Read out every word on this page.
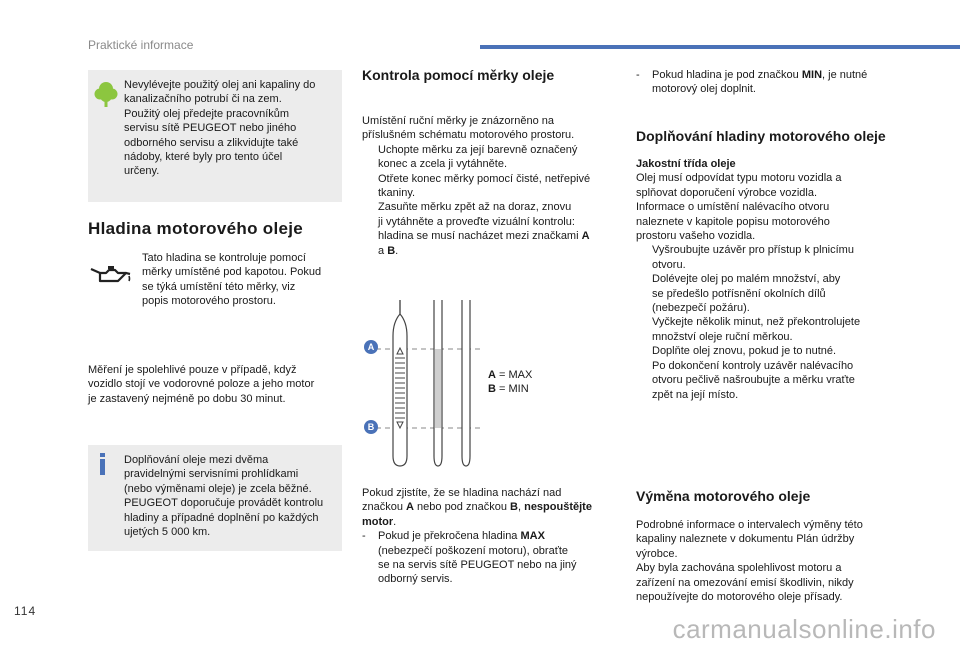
Praktické informace
Nevylévejte použitý olej ani kapaliny do
kanalizačního potrubí či na zem.
Použitý olej předejte pracovníkům
servisu sítě PEUGEOT nebo jiného
odborného servisu a zlikvidujte také
nádoby, které byly pro tento účel
určeny.
Hladina motorového oleje
Tato hladina se kontroluje pomocí
měrky umístěné pod kapotou. Pokud
se týká umístění této měrky, viz
popis motorového prostoru.
Měření je spolehlivé pouze v případě, když
vozidlo stojí ve vodorovné poloze a jeho motor
je zastavený nejméně po dobu 30 minut.
Doplňování oleje mezi dvěma
pravidelnými servisními prohlídkami
(nebo výměnami oleje) je zcela běžné.
PEUGEOT doporučuje provádět kontrolu
hladiny a případné doplnění po každých
ujetých 5 000 km.
Kontrola pomocí měrky oleje
Umístění ruční měrky je znázorněno na
příslušném schématu motorového prostoru.
Uchopte měrku za její barevně označený
konec a zcela ji vytáhněte.
Otřete konec měrky pomocí čisté, netřepivé
tkaniny.
Zasuňte měrku zpět až na doraz, znovu
ji vytáhněte a proveďte vizuální kontrolu:
hladina se musí nacházet mezi značkami A
a B.
A
B
A = MAX
B = MIN
Pokud zjistíte, že se hladina nachází nad
značkou A nebo pod značkou B, nespouštějte
motor.
- Pokud je překročena hladina MAX
(nebezpečí poškození motoru), obraťte
se na servis sítě PEUGEOT nebo na jiný
odborný servis.
- Pokud hladina je pod značkou MIN, je nutné
motorový olej doplnit.
Doplňování hladiny motorového oleje
Jakostní třída oleje
Olej musí odpovídat typu motoru vozidla a
splňovat doporučení výrobce vozidla.
Informace o umístění nalévacího otvoru
naleznete v kapitole popisu motorového
prostoru vašeho vozidla.
Vyšroubujte uzávěr pro přístup k plnicímu
otvoru.
Dolévejte olej po malém množství, aby
se předešlo potřísnění okolních dílů
(nebezpečí požáru).
Vyčkejte několik minut, než překontrolujete
množství oleje ruční měrkou.
Doplňte olej znovu, pokud je to nutné.
Po dokončení kontroly uzávěr nalévacího
otvoru pečlivě našroubujte a měrku vraťte
zpět na její místo.
Výměna motorového oleje
Podrobné informace o intervalech výměny této
kapaliny naleznete v dokumentu Plán údržby
výrobce.
Aby byla zachována spolehlivost motoru a
zařízení na omezování emisí škodlivin, nikdy
nepoužívejte do motorového oleje přísady.
114
carmanualsonline.info
